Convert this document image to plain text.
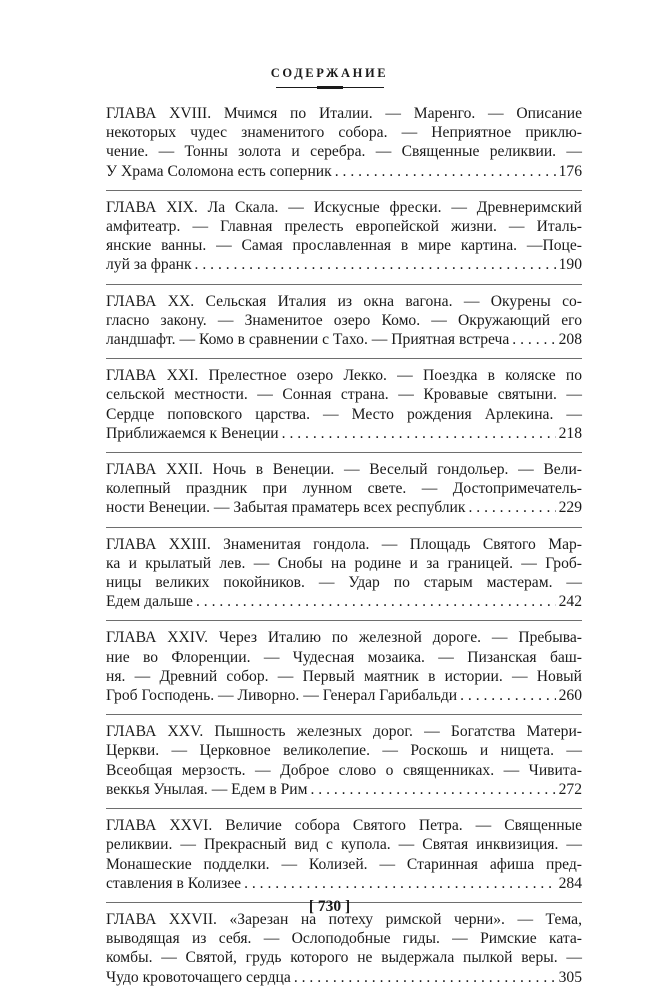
СОДЕРЖАНИЕ
ГЛАВА XVIII. Мчимся по Италии. — Маренго. — Описание
некоторых чудес знаменитого собора. — Неприятное приклю-
чение. — Тонны золота и серебра. — Священные реликвии. —
У Храма Соломона есть соперник . . .	176
ГЛАВА XIX. Ла Скала. — Искусные фрески. — Древнеримский
амфитеатр. — Главная прелесть европейской жизни. — Италь-
янские ванны. — Самая прославленная в мире картина. —Поце-
луй за франк . . .	190
ГЛАВА XX. Сельская Италия из окна вагона. — Окурены со-
гласно закону. — Знаменитое озеро Комо. — Окружающий его
ландшафт. — Комо в сравнении с Тахо. — Приятная встреча . . .	208
ГЛАВА XXI. Прелестное озеро Лекко. — Поездка в коляске по
сельской местности. — Сонная страна. — Кровавые святыни. —
Сердце поповского царства. — Место рождения Арлекина. —
Приближаемся к Венеции . . .	218
ГЛАВА XXII. Ночь в Венеции. — Веселый гондольер. — Вели-
колепный праздник при лунном свете. — Достопримечатель-
ности Венеции. — Забытая праматерь всех республик . . .	229
ГЛАВА XXIII. Знаменитая гондола. — Площадь Святого Мар-
ка и крылатый лев. — Снобы на родине и за границей. — Гроб-
ницы великих покойников. — Удар по старым мастерам. —
Едем дальше . . .	242
ГЛАВА XXIV. Через Италию по железной дороге. — Пребыва-
ние во Флоренции. — Чудесная мозаика. — Пизанская баш-
ня. — Древний собор. — Первый маятник в истории. — Новый
Гроб Господень. — Ливорно. — Генерал Гарибальди . . .	260
ГЛАВА XXV. Пышность железных дорог. — Богатства Матери-
Церкви. — Церковное великолепие. — Роскошь и нищета. —
Всеобщая мерзость. — Доброе слово о священниках. — Чивита-
веккья Унылая. — Едем в Рим . . .	272
ГЛАВА XXVI. Величие собора Святого Петра. — Священные
реликвии. — Прекрасный вид с купола. — Святая инквизиция. —
Монашеские подделки. — Колизей. — Старинная афиша пред-
ставления в Колизее . . .	284
ГЛАВА XXVII. «Зарезан на потеху римской черни». — Тема,
выводящая из себя. — Ослоподобные гиды. — Римские ката-
комбы. — Святой, грудь которого не выдержала пылкой веры. —
Чудо кровоточащего сердца . . .	305
[ 730 ]
